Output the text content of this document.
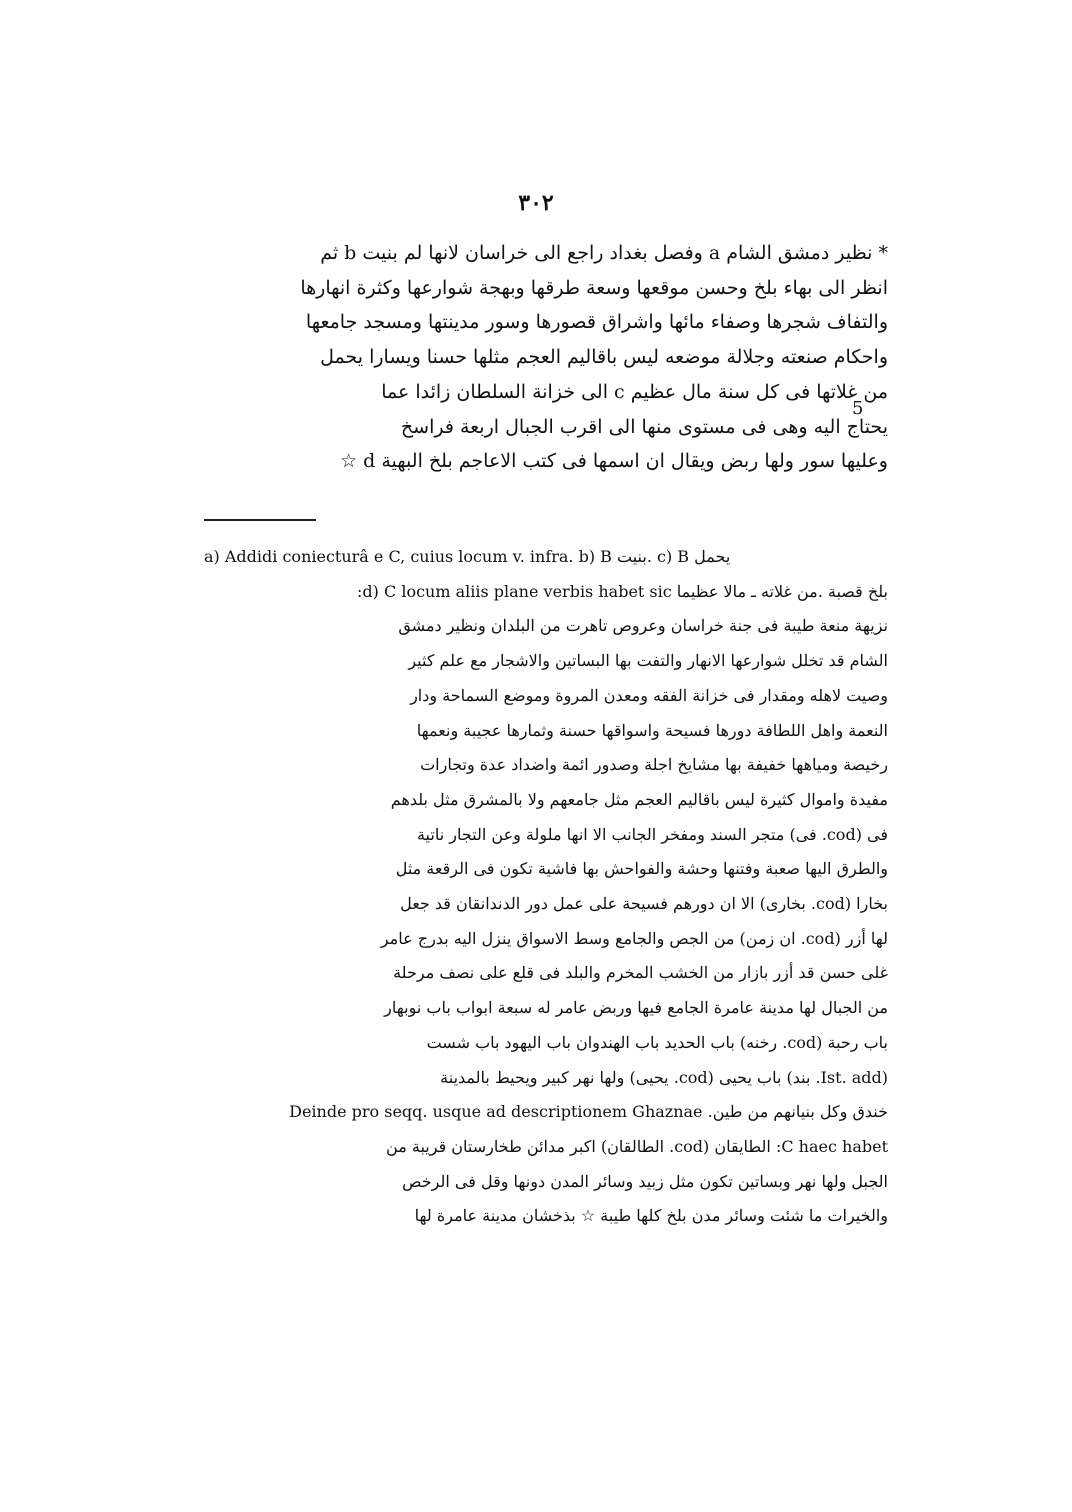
٣٠٢
5
* نظير دمشق الشام a وفصل بغداد راجع الى خراسان لانها لم بنيت b ثم
انظر الى بهاء بلخ وحسن موقعها وسعة طرقها وبهجة شوارعها وكثرة انهارها
والتفاف شجرها وصفاء مائها واشراق قصورها وسور مدينتها ومسجد جامعها
واحكام صنعته وجلالة موضعه ليس باقاليم العجم مثلها حسنا ويسارا يحمل
من غلاتها فى كل سنة مال عظيم c الى خزانة السلطان زائدا عما
يحتاج اليه وهى فى مستوى منها الى اقرب الجبال اربعة فراسخ
وعليها سور ولها ربض ويقال ان اسمها فى كتب الاعاجم بلخ البهية d ☆
a) Addidi coniecturâ e C, cuius locum v. infra. b) B بنيت. c) B يحمل
بلخ قصبة .من غلاته ـ مالا عظيما d) C locum aliis plane verbis habet sic:
نزيهة منعة طيبة فى جنة خراسان وعروص تاهرت من البلدان ونظير دمشق
الشام قد تخلل شوارعها الانهار والتفت بها البساتين والاشجار مع علم كثير
وصيت لاهله ومقدار فى خزانة الفقه ومعدن المروة وموضع السماحة ودار
النعمة واهل اللطافة دورها فسيحة واسواقها حسنة وثمارها عجيبة ونعمها
رخيصة ومياهها خفيفة بها مشايخ اجلة وصدور ائمة واضداد عدة وتجارات
مفيدة واموال كثيرة ليس باقاليم العجم مثل جامعهم ولا بالمشرق مثل بلدهم
فى (cod. فى) متجر السند ومفخر الجانب الا انها ملولة وعن التجار ناتية
والطرق اليها صعبة وفتنها وحشة والفواحش بها فاشية تكون فى الرقعة مثل
بخارا (cod. بخارى) الا ان دورهم فسيحة على عمل دور الدندانقان قد جعل
لها أزر (cod. ان زمن) من الجص والجامع وسط الاسواق ينزل اليه بدرج عامر
غلى حسن قد أزر بازار من الخشب المخرم والبلد فى قلع على نصف مرحلة
من الجبال لها مدينة عامرة الجامع فيها وربض عامر له سبعة ابواب باب نوبهار
باب رحبة (cod. رخنه) باب الحديد باب الهندوان باب اليهود باب شست
(Ist. add. بند) باب يحيى (cod. يحيى) ولها نهر كبير ويحيط بالمدينة
خندق وكل بنيانهم من طين. Deinde pro seqq. usque ad descriptionem Ghaznae
C haec habet: الطايقان (cod. الطالقان) اكبر مدائن طخارستان قريبة من
الجبل ولها نهر وبساتين تكون مثل زبيد وسائر المدن دونها وقل فى الرخص
والخيرات ما شئت وسائر مدن بلخ كلها طيبة ☆ بذخشان مدينة عامرة لها
